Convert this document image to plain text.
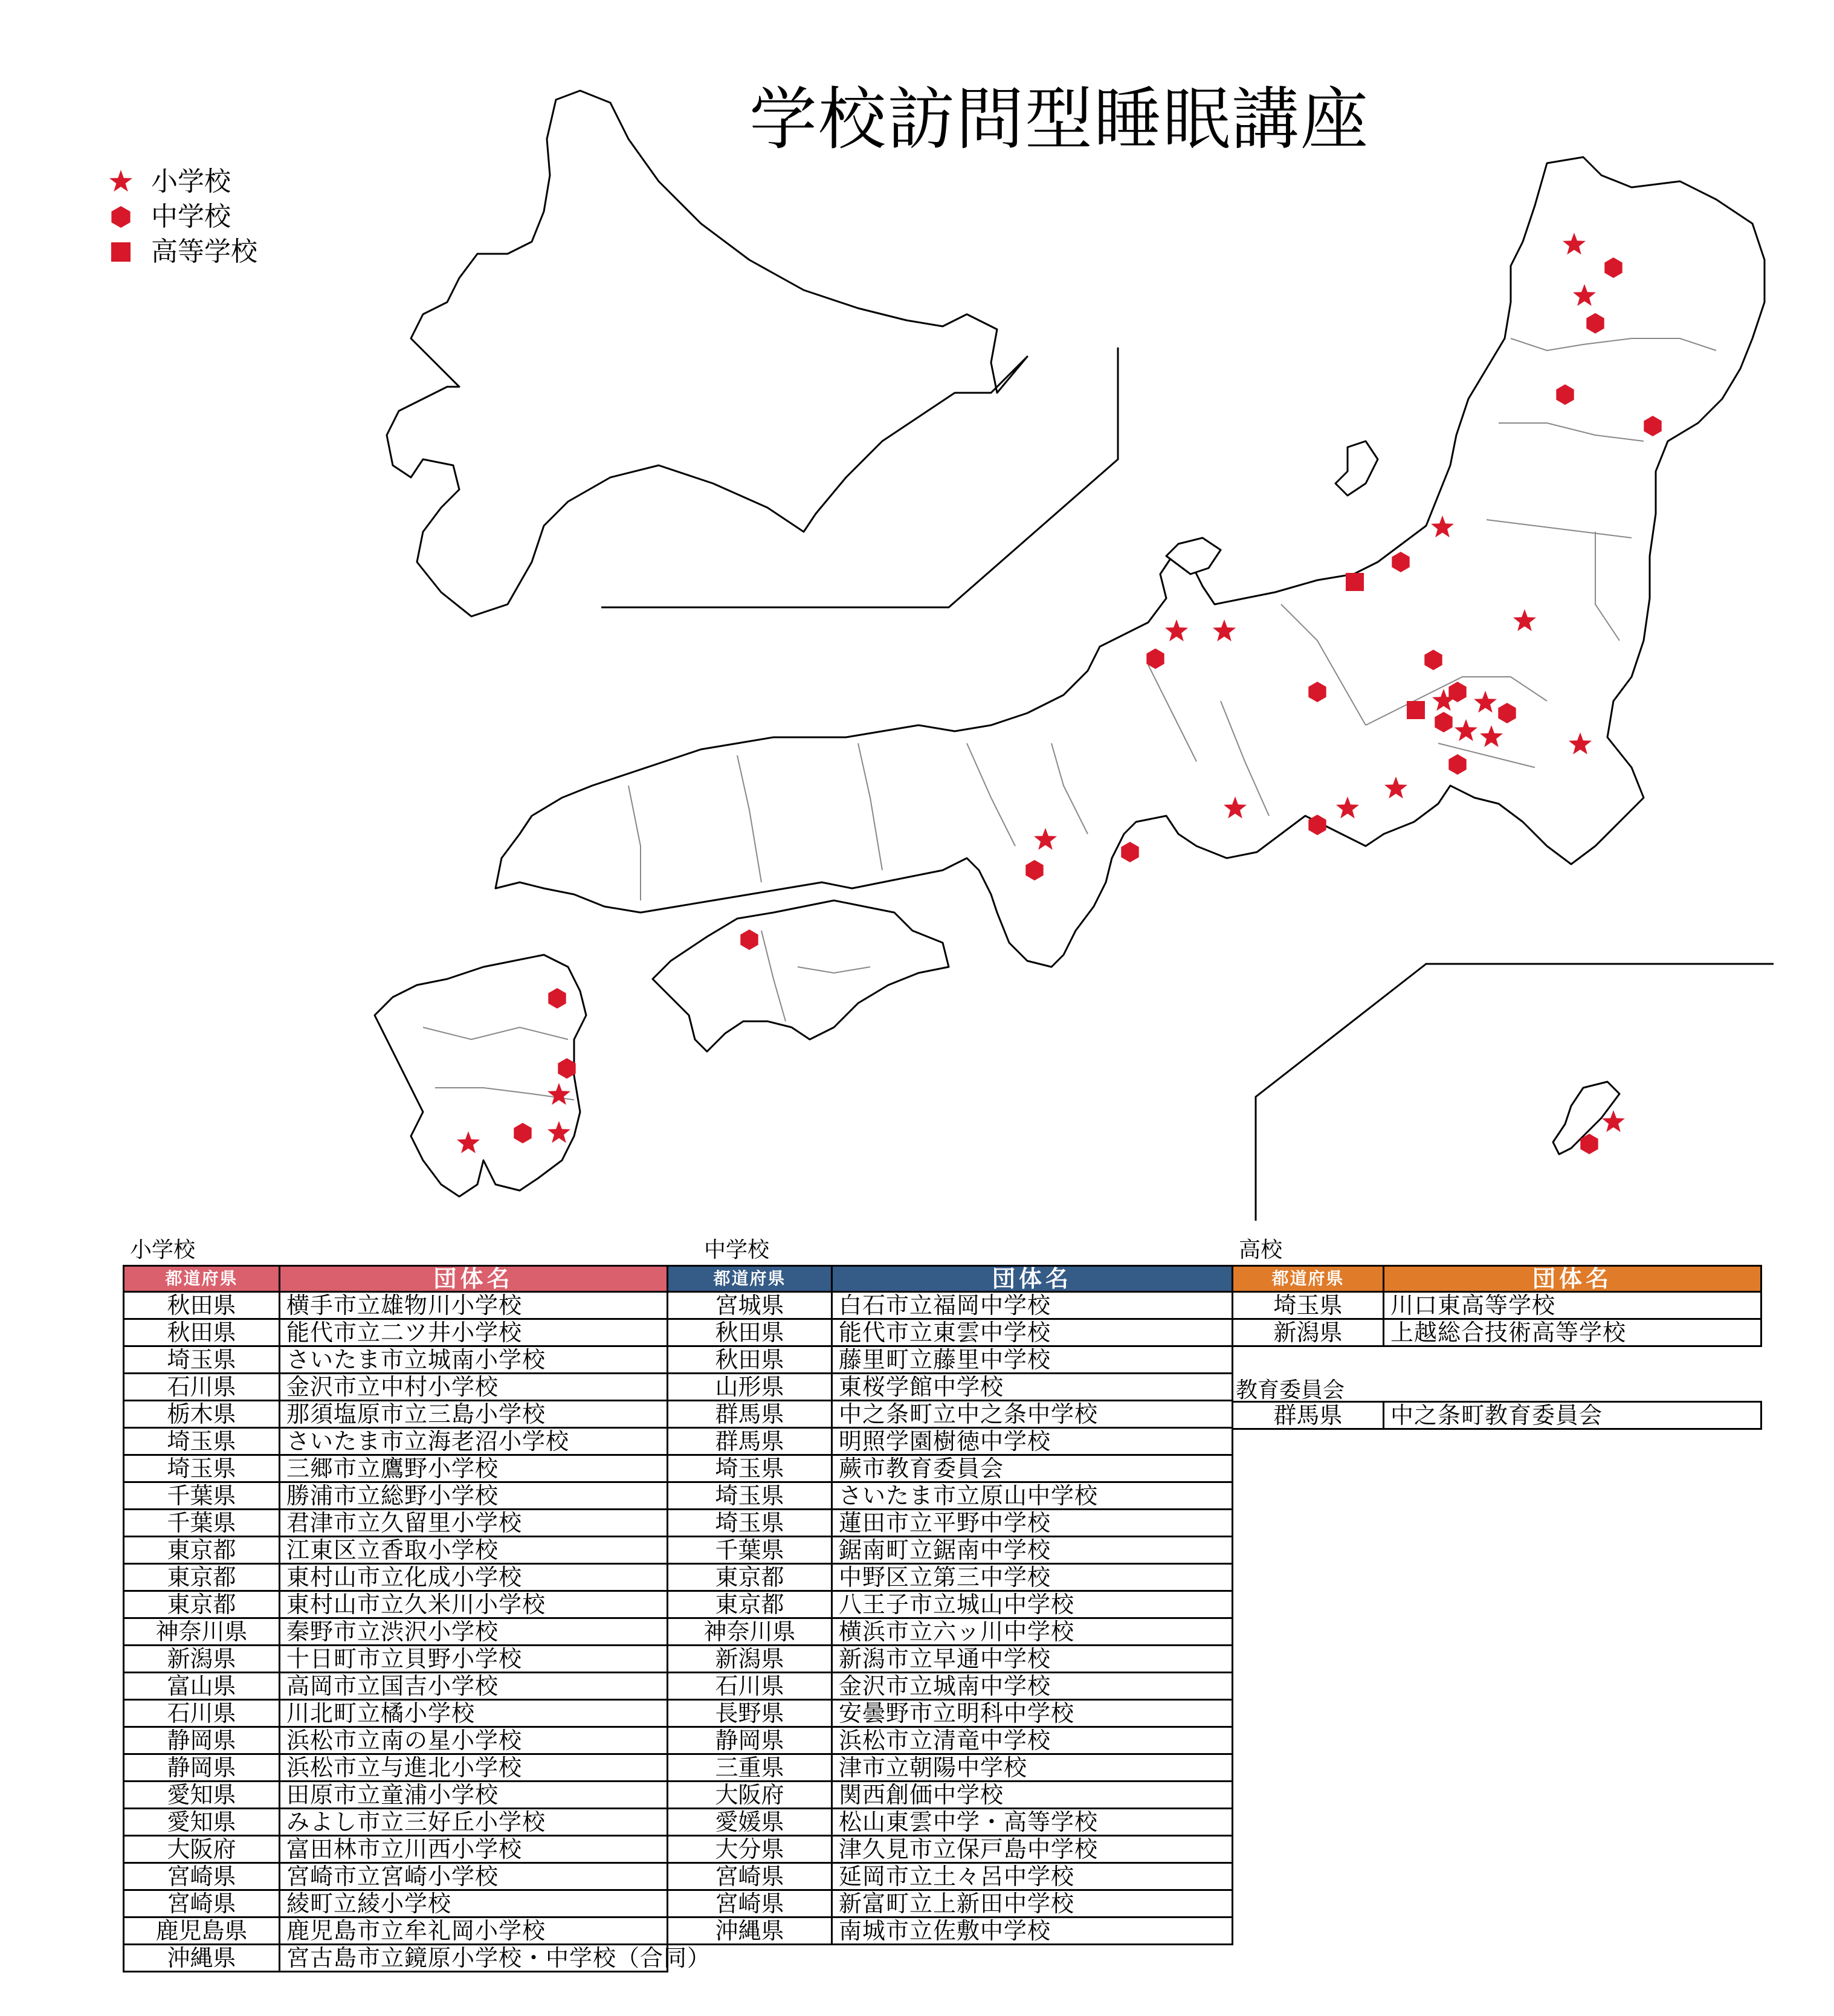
学校訪問型睡眠講座
小学校
中学校
高等学校
小学校	中学校	高校
都道府県	団体名
秋田県	横手市立雄物川小学校
秋田県	能代市立二ツ井小学校
埼玉県	さいたま市立城南小学校
石川県	金沢市立中村小学校
栃木県	那須塩原市立三島小学校
埼玉県	さいたま市立海老沼小学校
埼玉県	三郷市立鷹野小学校
千葉県	勝浦市立総野小学校
千葉県	君津市立久留里小学校
東京都	江東区立香取小学校
東京都	東村山市立化成小学校
東京都	東村山市立久米川小学校
神奈川県	秦野市立渋沢小学校
新潟県	十日町市立貝野小学校
富山県	高岡市立国吉小学校
石川県	川北町立橘小学校
静岡県	浜松市立南の星小学校
静岡県	浜松市立与進北小学校
愛知県	田原市立童浦小学校
愛知県	みよし市立三好丘小学校
大阪府	富田林市立川西小学校
宮崎県	宮崎市立宮崎小学校
宮崎県	綾町立綾小学校
鹿児島県	鹿児島市立牟礼岡小学校
沖縄県	宮古島市立鏡原小学校・中学校（合同）
都道府県	団体名
宮城県	白石市立福岡中学校
秋田県	能代市立東雲中学校
秋田県	藤里町立藤里中学校
山形県	東桜学館中学校
群馬県	中之条町立中之条中学校
群馬県	明照学園樹徳中学校
埼玉県	蕨市教育委員会
埼玉県	さいたま市立原山中学校
埼玉県	蓮田市立平野中学校
千葉県	鋸南町立鋸南中学校
東京都	中野区立第三中学校
東京都	八王子市立城山中学校
神奈川県	横浜市立六ッ川中学校
新潟県	新潟市立早通中学校
石川県	金沢市立城南中学校
長野県	安曇野市立明科中学校
静岡県	浜松市立清竜中学校
三重県	津市立朝陽中学校
大阪府	関西創価中学校
愛媛県	松山東雲中学・高等学校
大分県	津久見市立保戸島中学校
宮崎県	延岡市立土々呂中学校
宮崎県	新富町立上新田中学校
沖縄県	南城市立佐敷中学校
都道府県	団体名
埼玉県	川口東高等学校
新潟県	上越総合技術高等学校
教育委員会
群馬県	中之条町教育委員会
